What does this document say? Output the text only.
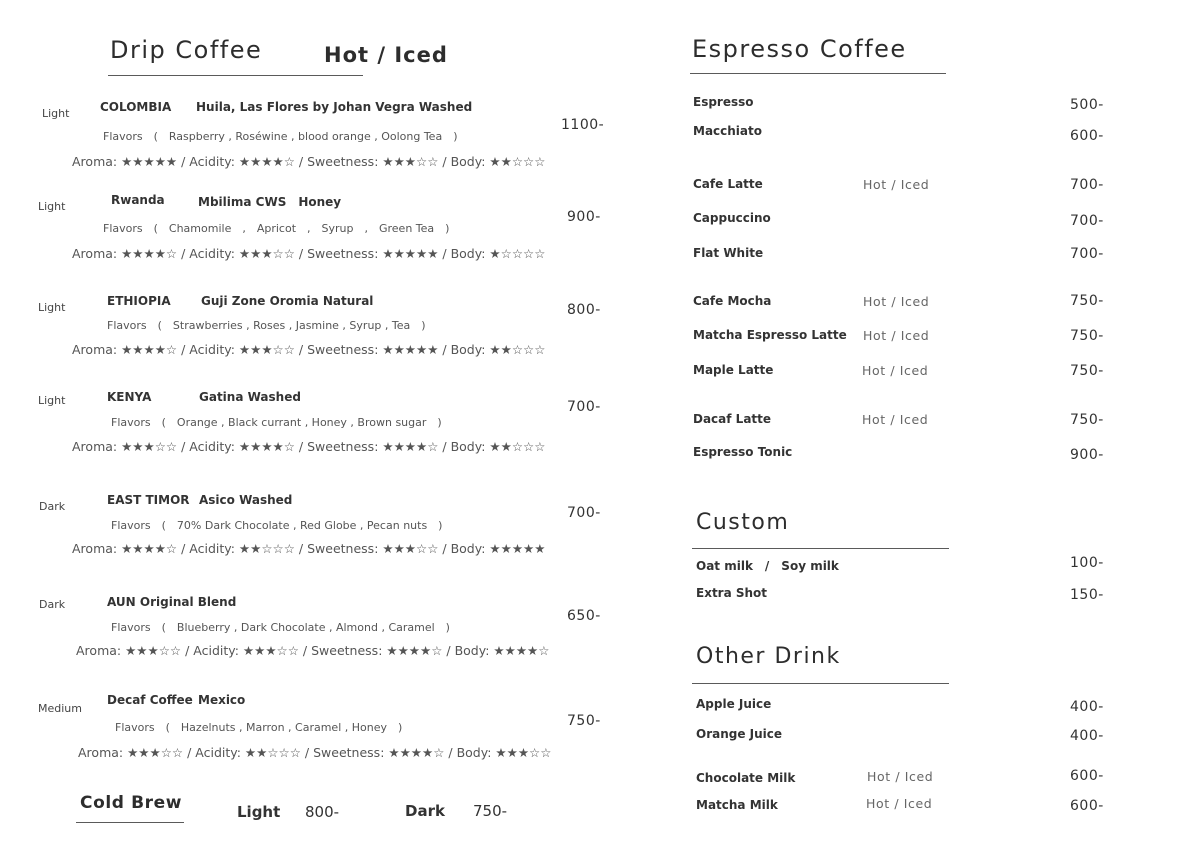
Drip Coffee	Hot / Iced
Light	COLOMBIA Huila, Las Flores by Johan Vegra Washed
Flavors　(　Raspberry , Roséwine , blood orange , Oolong Tea　)
1100-
Aroma: ★★★★★ / Acidity: ★★★★☆ / Sweetness: ★★★☆☆ / Body: ★★☆☆☆
Light	Rwanda	Mbilima CWS　Honey
Flavors　(　Chamomile　,　Apricot　,　Syrup　,　Green Tea　)
900-
Aroma: ★★★★☆ / Acidity: ★★★☆☆ / Sweetness: ★★★★★ / Body: ★☆☆☆☆
Light	ETHIOPIA	Guji Zone Oromia Natural
Flavors　(　Strawberries , Roses , Jasmine , Syrup , Tea　)
800-
Aroma: ★★★★☆ / Acidity: ★★★☆☆ / Sweetness: ★★★★★ / Body: ★★☆☆☆
Light	KENYA	Gatina Washed
Flavors　(　Orange , Black currant , Honey , Brown sugar　)
700-
Aroma: ★★★☆☆ / Acidity: ★★★★☆ / Sweetness: ★★★★☆ / Body: ★★☆☆☆
Dark	EAST TIMOR Asico Washed
Flavors　(　70% Dark Chocolate , Red Globe , Pecan nuts　)
700-
Aroma: ★★★★☆ / Acidity: ★★☆☆☆ / Sweetness: ★★★☆☆ / Body: ★★★★★
Dark	AUN Original Blend
Flavors　(　Blueberry , Dark Chocolate , Almond , Caramel　)
650-
Aroma: ★★★☆☆ / Acidity: ★★★☆☆ / Sweetness: ★★★★☆ / Body: ★★★★☆
Medium
Decaf Coffee Mexico
Flavors　(　Hazelnuts , Marron , Caramel , Honey　)	750-
Aroma: ★★★☆☆ / Acidity: ★★☆☆☆ / Sweetness: ★★★★☆ / Body: ★★★☆☆
Cold Brew	Light 800-	Dark 750-
Espresso Coffee
Espresso	500-
Macchiato	600-
Cafe Latte	Hot / Iced	700-
Cappuccino	700-
Flat White	700-
Cafe Mocha	Hot / Iced	750-
Matcha Espresso Latte Hot / Iced	750-
Maple Latte	Hot / Iced	750-
Dacaf Latte	Hot / Iced	750-
Espresso Tonic	900-
Custom
Oat milk　/　Soy milk	100-
Extra Shot	150-
Other Drink
Apple Juice	400-
Orange Juice	400-
Chocolate Milk	Hot / Iced	600-
Matcha Milk	Hot / Iced	600-
